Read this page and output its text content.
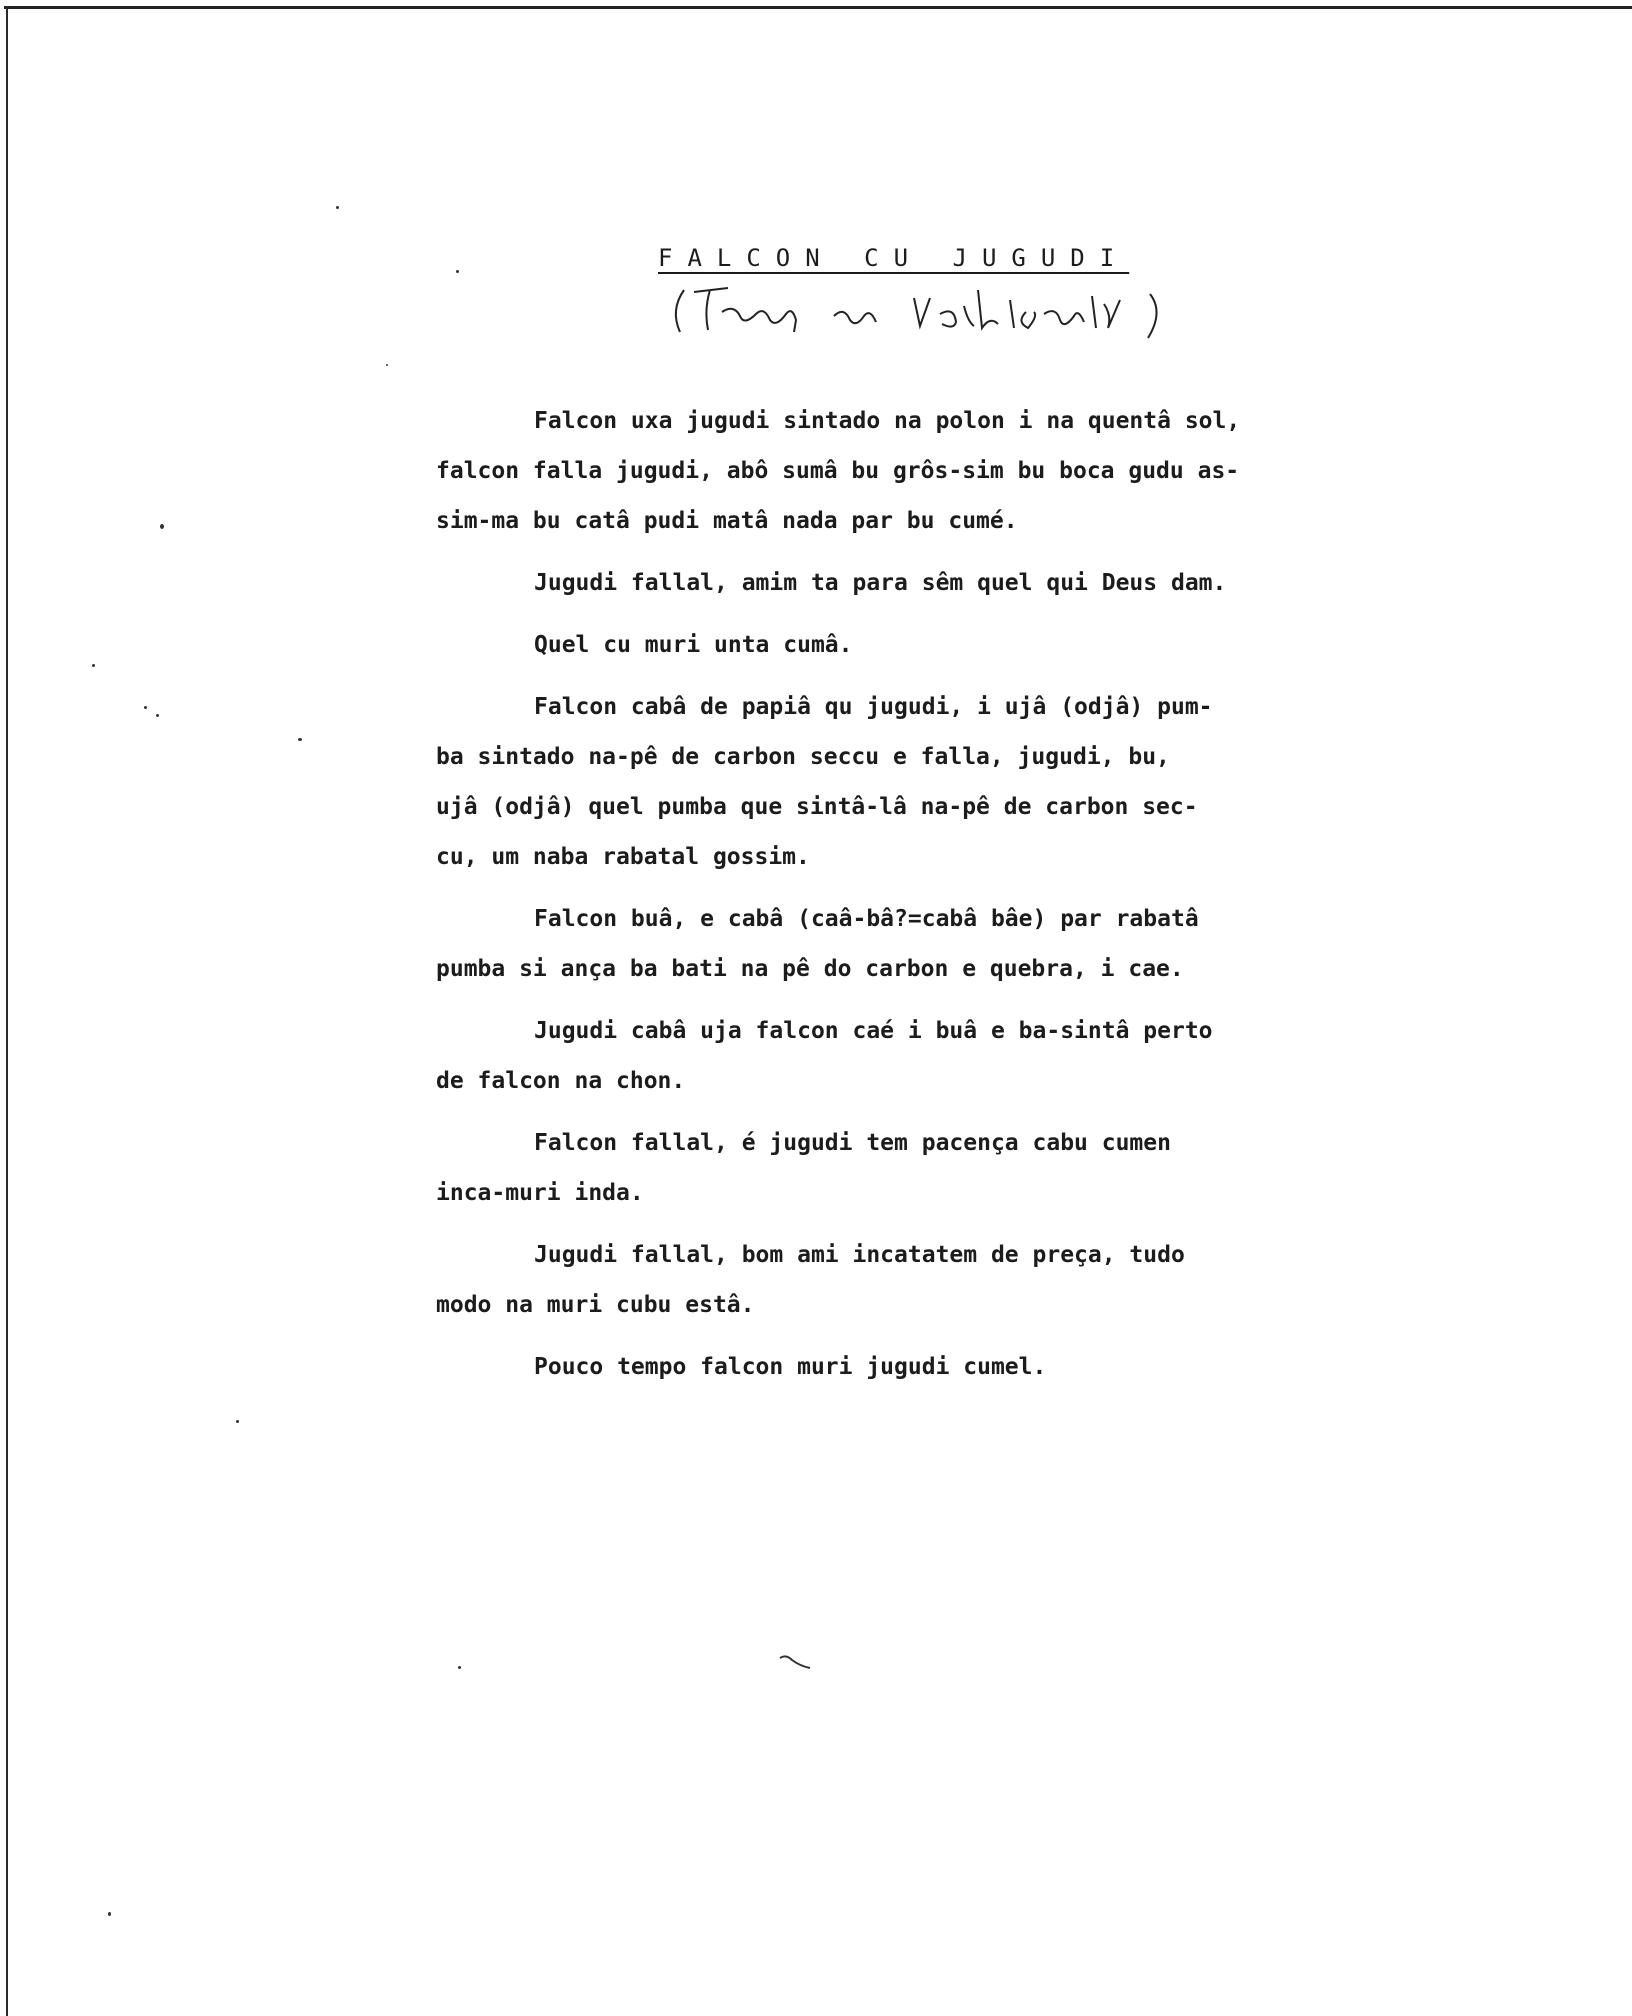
FALCON CU JUGUDI

Falcon uxa jugudi sintado na polon i na quentâ sol,
falcon falla jugudi, abô sumâ bu grôs-sim bu boca gudu as-
sim-ma bu catâ pudi matâ nada par bu cumé.

Jugudi fallal, amim ta para sêm quel qui Deus dam.

Quel cu muri unta cumâ.

Falcon cabâ de papiâ qu jugudi, i ujâ (odjâ) pum-
ba sintado na-pê de carbon seccu e falla, jugudi, bu,
ujâ (odjâ) quel pumba que sintâ-lâ na-pê de carbon sec-
cu, um naba rabatal gossim.

Falcon buâ, e cabâ (caâ-bâ?=cabâ bâe) par rabatâ
pumba si ança ba bati na pê do carbon e quebra, i cae.

Jugudi cabâ uja falcon caé i buâ e ba-sintâ perto
de falcon na chon.

Falcon fallal, é jugudi tem pacença cabu cumen
inca-muri inda.

Jugudi fallal, bom ami incatatem de preça, tudo
modo na muri cubu estâ.

Pouco tempo falcon muri jugudi cumel.
